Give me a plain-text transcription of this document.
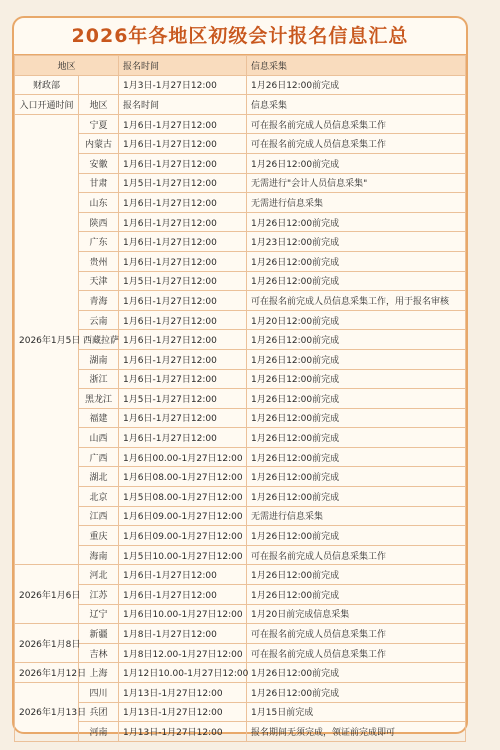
2026年各地区初级会计报名信息汇总
地区		报名时间	信息采集
财政部		1月3日-1月27日12:00	1月26日12:00前完成
入口开通时间	地区	报名时间	信息采集
2026年1月5日	宁夏	1月6日-1月27日12:00	可在报名前完成人员信息采集工作
	内蒙古	1月6日-1月27日12:00	可在报名前完成人员信息采集工作
	安徽	1月6日-1月27日12:00	1月26日12:00前完成
	甘肃	1月5日-1月27日12:00	无需进行"会计人员信息采集"
	山东	1月6日-1月27日12:00	无需进行信息采集
	陕西	1月6日-1月27日12:00	1月26日12:00前完成
	广东	1月6日-1月27日12:00	1月23日12:00前完成
	贵州	1月6日-1月27日12:00	1月26日12:00前完成
	天津	1月5日-1月27日12:00	1月26日12:00前完成
	青海	1月6日-1月27日12:00	可在报名前完成人员信息采集工作，用于报名审核
	云南	1月6日-1月27日12:00	1月20日12:00前完成
	西藏拉萨	1月6日-1月27日12:00	1月26日12:00前完成
	湖南	1月6日-1月27日12:00	1月26日12:00前完成
	浙江	1月6日-1月27日12:00	1月26日12:00前完成
	黑龙江	1月5日-1月27日12:00	1月26日12:00前完成
	福建	1月6日-1月27日12:00	1月26日12:00前完成
	山西	1月6日-1月27日12:00	1月26日12:00前完成
	广西	1月6日00.00-1月27日12:00	1月26日12:00前完成
	湖北	1月6日08.00-1月27日12:00	1月26日12:00前完成
	北京	1月5日08.00-1月27日12:00	1月26日12:00前完成
	江西	1月6日09.00-1月27日12:00	无需进行信息采集
	重庆	1月6日09.00-1月27日12:00	1月26日12:00前完成
	海南	1月5日10.00-1月27日12:00	可在报名前完成人员信息采集工作
2026年1月6日	河北	1月6日-1月27日12:00	1月26日12:00前完成
	江苏	1月6日-1月27日12:00	1月26日12:00前完成
	辽宁	1月6日10.00-1月27日12:00	1月20日前完成信息采集
2026年1月8日	新疆	1月8日-1月27日12:00	可在报名前完成人员信息采集工作
	吉林	1月8日12.00-1月27日12:00	可在报名前完成人员信息采集工作
2026年1月12日	上海	1月12日10.00-1月27日12:00	1月26日12:00前完成
2026年1月13日	四川	1月13日-1月27日12:00	1月26日12:00前完成
	兵团	1月13日-1月27日12:00	1月15日前完成
	河南	1月13日-1月27日12:00	报名期间无须完成，领证前完成即可
